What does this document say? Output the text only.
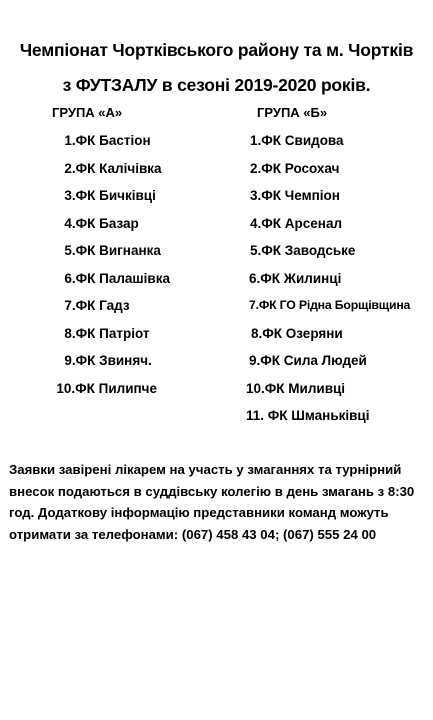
Чемпіонат Чортківського району та м. Чортків
з ФУТЗАЛУ в сезоні 2019-2020 років.
ГРУПА «А»	ГРУПА «Б»
1.ФК Бастіон
2.ФК Калічівка
3.ФК Бичківці
4.ФК Базар
5.ФК Вигнанка
6.ФК Палашівка
7.ФК Гадз
8.ФК Патріот
9.ФК Звиняч.
10.ФК Пилипче
1.ФК Свидова
2.ФК Росохач
3.ФК Чемпіон
4.ФК Арсенал
5.ФК Заводське
6.ФК Жилинці
7.ФК ГО Рідна Борщівщина
8.ФК Озеряни
9.ФК Сила Людей
10.ФК Миливці
11. ФК Шманьківці
Заявки завірені лікарем на участь у змаганнях та турнірний внесок подаються в суддівську колегію в день змагань з 8:30 год. Додаткову інформацію представники команд можуть отримати за телефонами: (067) 458 43 04; (067) 555 24 00
